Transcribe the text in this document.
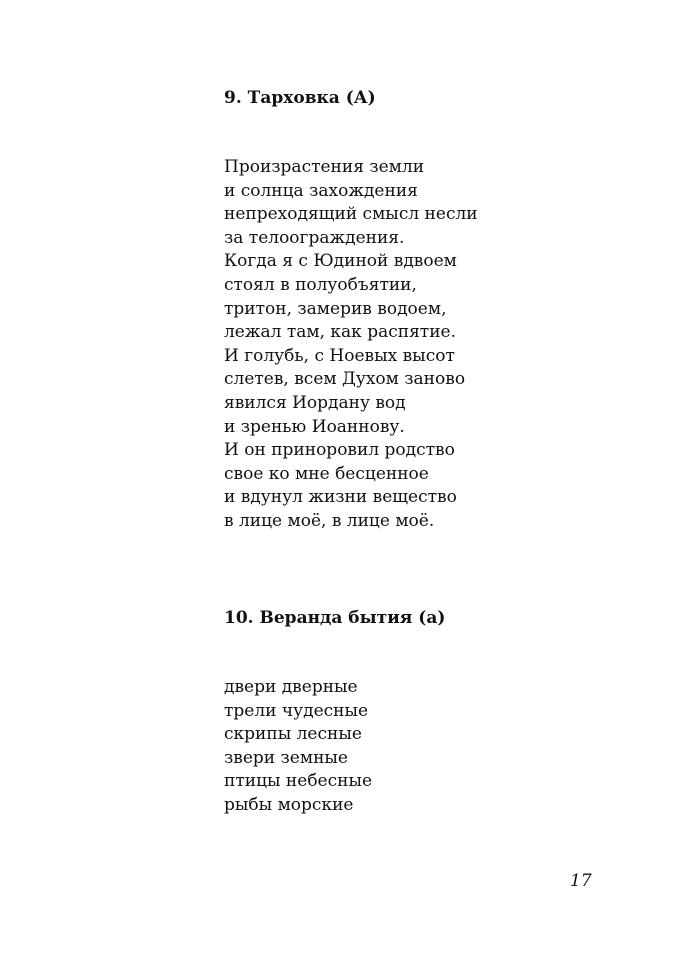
9. Тарховка (А)
Произрастения земли
и солнца захождения
непреходящий смысл несли
за телоограждения.
Когда я с Юдиной вдвоем
стоял в полуобъятии,
тритон, замерив водоем,
лежал там, как распятие.
И голубь, с Ноевых высот
слетев, всем Духом заново
явился Иордану вод
и зренью Иоаннову.
И он приноровил родство
свое ко мне бесценное
и вдунул жизни вещество
в лице моё, в лице моё.
10. Веранда бытия (а)
двери дверные
трели чудесные
скрипы лесные
звери земные
птицы небесные
рыбы морские
17
